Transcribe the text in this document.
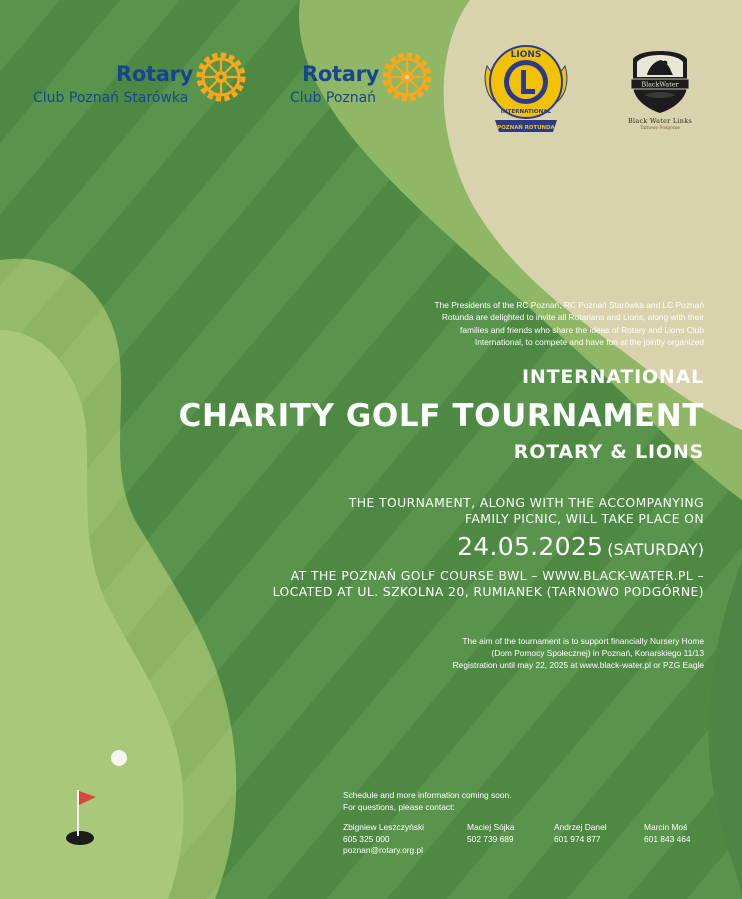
Rotary
Club Poznań Starówka
Rotary
Club Poznań
LIONS
INTERNATIONAL
POZNAŃ ROTUNDA
BlackWater
Black Water Links
Tarnowo Podgórne
The Presidents of the RC Poznań, RC Poznań Starówka and LC Poznań
Rotunda are delighted to invite all Rotarians and Lions, along with their
families and friends who share the ideas of Rotary and Lions Club
International, to compete and have fun at the jointly organized
INTERNATIONAL
CHARITY GOLF TOURNAMENT
ROTARY & LIONS
THE TOURNAMENT, ALONG WITH THE ACCOMPANYING
FAMILY PICNIC, WILL TAKE PLACE ON
24.05.2025 (SATURDAY)
AT THE POZNAŃ GOLF COURSE BWL – WWW.BLACK-WATER.PL –
LOCATED AT UL. SZKOLNA 20, RUMIANEK (TARNOWO PODGÓRNE)
The aim of the tournament is to support financially Nursery Home
(Dom Pomocy Społecznej) in Poznań, Konarskiego 11/13
Registration until may 22, 2025 at www.black-water.pl or PZG Eagle
Schedule and more information coming soon.
For questions, please contact:
Zbigniew Leszczyński
605 325 000
poznan@rotary.org.pl
Maciej Sójka
502 739 689
Andrzej Danel
601 974 877
Marcin Moś
601 843 464
